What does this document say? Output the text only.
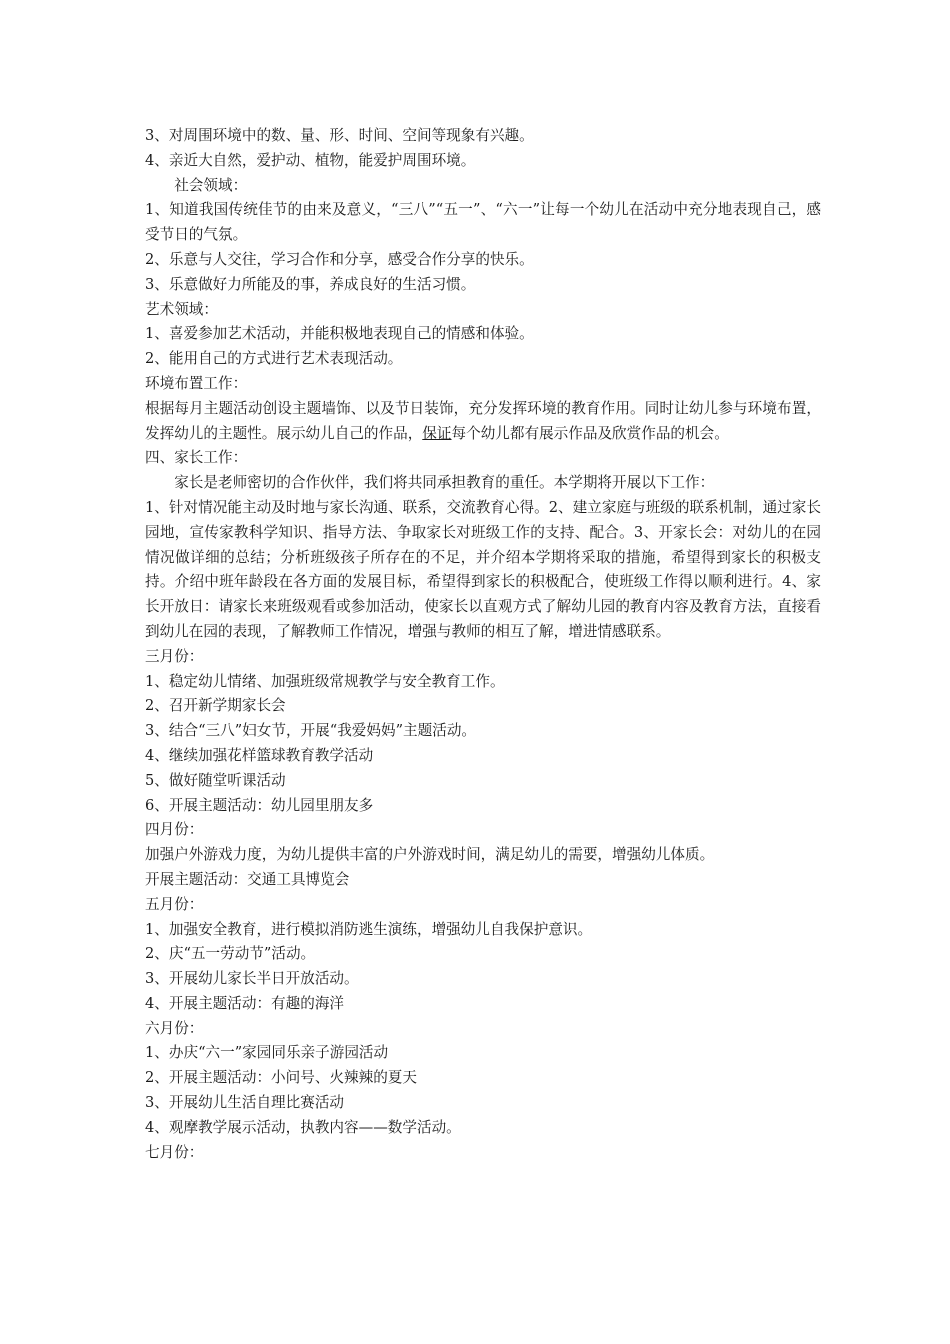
3、对周围环境中的数、量、形、时间、空间等现象有兴趣。
4、亲近大自然，爱护动、植物，能爱护周围环境。
社会领域：
1、知道我国传统佳节的由来及意义，“三八”“五一”、“六一”让每一个幼儿在活动中充分地表现自己，感受节日的气氛。
2、乐意与人交往，学习合作和分享，感受合作分享的快乐。
3、乐意做好力所能及的事，养成良好的生活习惯。
艺术领域：
1、喜爱参加艺术活动，并能积极地表现自己的情感和体验。
2、能用自己的方式进行艺术表现活动。
环境布置工作：
根据每月主题活动创设主题墙饰、以及节日装饰，充分发挥环境的教育作用。同时让幼儿参与环境布置，发挥幼儿的主题性。展示幼儿自己的作品，保证每个幼儿都有展示作品及欣赏作品的机会。
四、家长工作：
家长是老师密切的合作伙伴，我们将共同承担教育的重任。本学期将开展以下工作：
1、针对情况能主动及时地与家长沟通、联系，交流教育心得。2、建立家庭与班级的联系机制，通过家长园地，宣传家教科学知识、指导方法、争取家长对班级工作的支持、配合。3、开家长会：对幼儿的在园情况做详细的总结；分析班级孩子所存在的不足，并介绍本学期将采取的措施，希望得到家长的积极支持。介绍中班年龄段在各方面的发展目标，希望得到家长的积极配合，使班级工作得以顺利进行。4、家长开放日：请家长来班级观看或参加活动，使家长以直观方式了解幼儿园的教育内容及教育方法，直接看到幼儿在园的表现，了解教师工作情况，增强与教师的相互了解，增进情感联系。
三月份：
1、稳定幼儿情绪、加强班级常规教学与安全教育工作。
2、召开新学期家长会
3、结合“三八”妇女节，开展“我爱妈妈”主题活动。
4、继续加强花样篮球教育教学活动
5、做好随堂听课活动
6、开展主题活动：幼儿园里朋友多
四月份：
加强户外游戏力度，为幼儿提供丰富的户外游戏时间，满足幼儿的需要，增强幼儿体质。
开展主题活动：交通工具博览会
五月份：
1、加强安全教育，进行模拟消防逃生演练，增强幼儿自我保护意识。
2、庆“五一劳动节”活动。
3、开展幼儿家长半日开放活动。
4、开展主题活动：有趣的海洋
六月份：
1、办庆“六一”家园同乐亲子游园活动
2、开展主题活动：小问号、火辣辣的夏天
3、开展幼儿生活自理比赛活动
4、观摩教学展示活动，执教内容——数学活动。
七月份：
